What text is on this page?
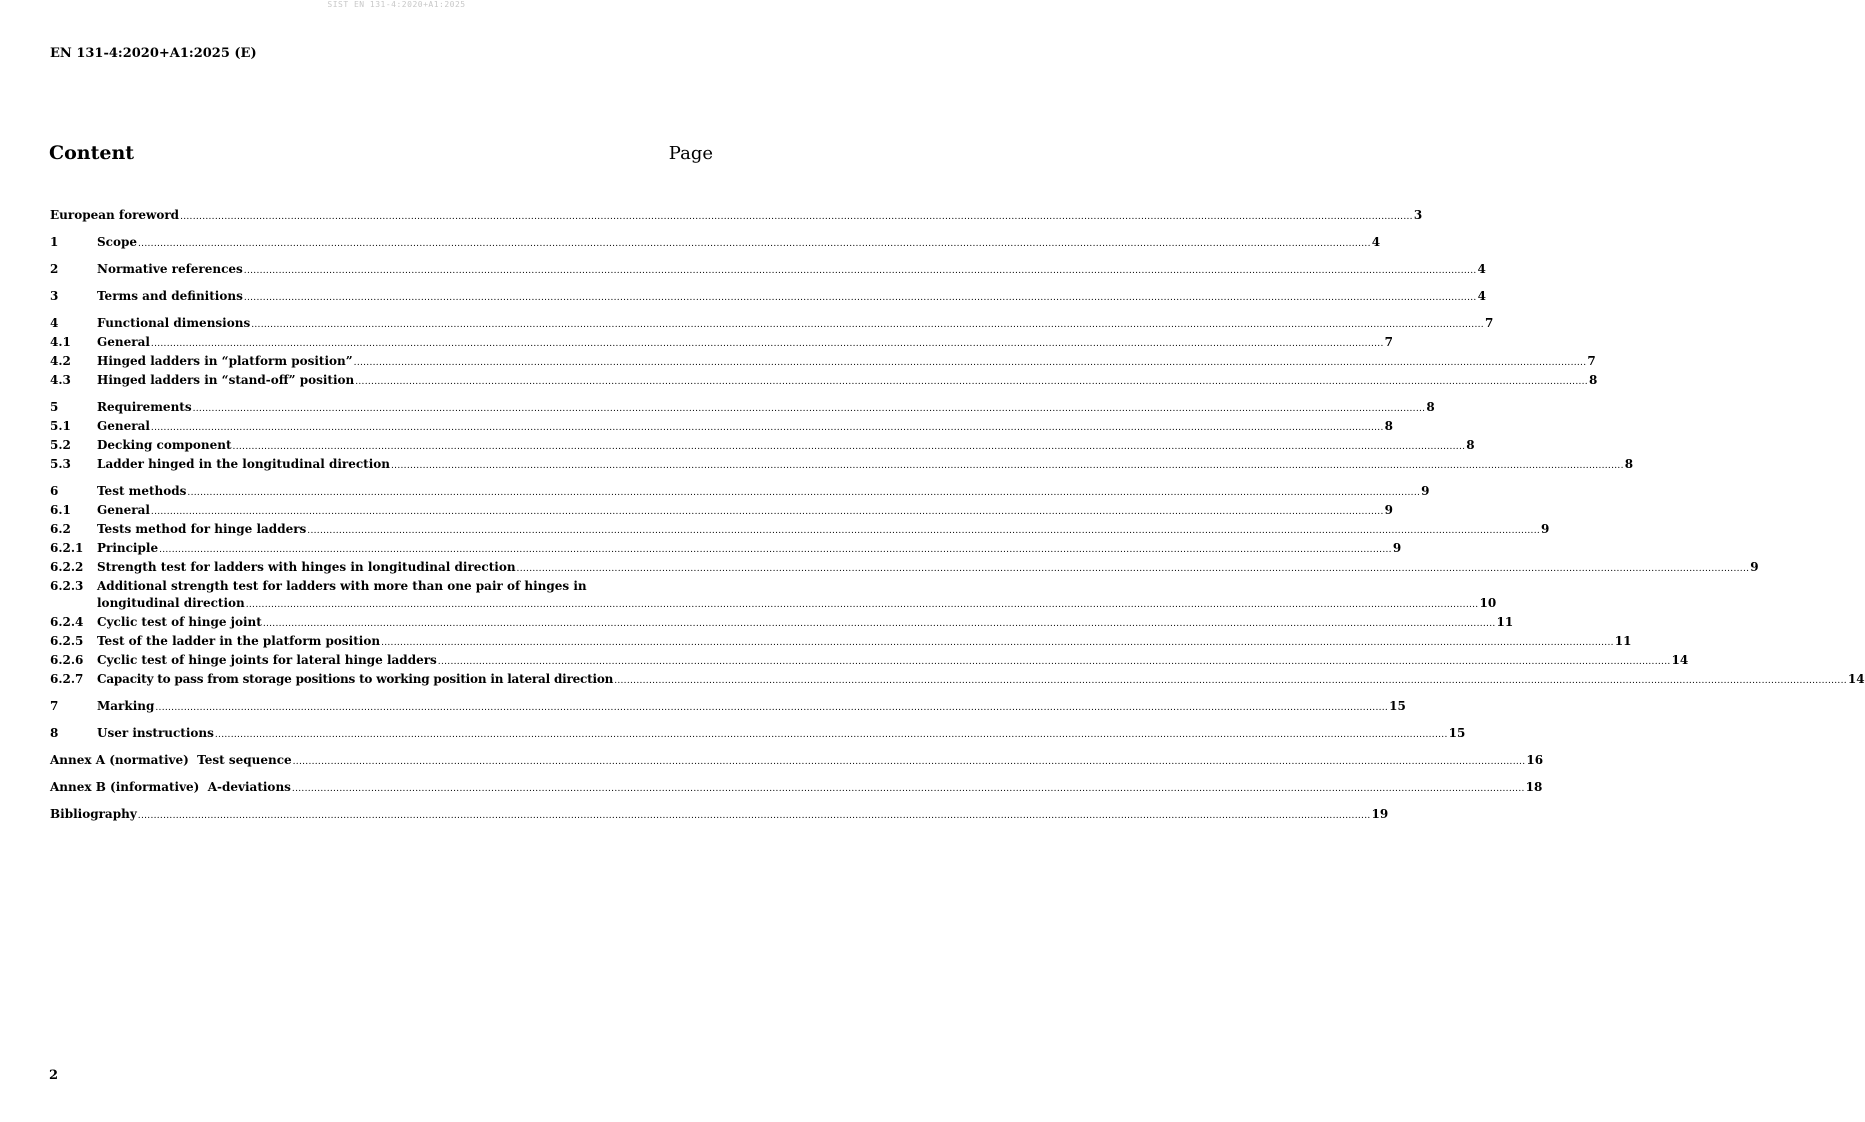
SIST EN 131-4:2020+A1:2025
EN 131-4:2020+A1:2025 (E)
Content	Page
European foreword .....	3
1	Scope .....	4
2	Normative references .....	4
3	Terms and definitions .....	4
4	Functional dimensions .....	7
4.1	General .....	7
4.2	Hinged ladders in “platform position” .....	7
4.3	Hinged ladders in “stand-off” position .....	8
5	Requirements .....	8
5.1	General .....	8
5.2	Decking component .....	8
5.3	Ladder hinged in the longitudinal direction .....	8
6	Test methods .....	9
6.1	General .....	9
6.2	Tests method for hinge ladders .....	9
6.2.1	Principle .....	9
6.2.2	Strength test for ladders with hinges in longitudinal direction .....	9
6.2.3	Additional strength test for ladders with more than one pair of hinges in
longitudinal direction .....	10
6.2.4	Cyclic test of hinge joint .....	11
6.2.5	Test of the ladder in the platform position .....	11
6.2.6	Cyclic test of hinge joints for lateral hinge ladders .....	14
6.2.7	Capacity to pass from storage positions to working position in lateral direction .....	14
7	Marking .....	15
8	User instructions .....	15
Annex A (normative)  Test sequence .....	16
Annex B (informative)  A-deviations .....	18
Bibliography .....	19
2
